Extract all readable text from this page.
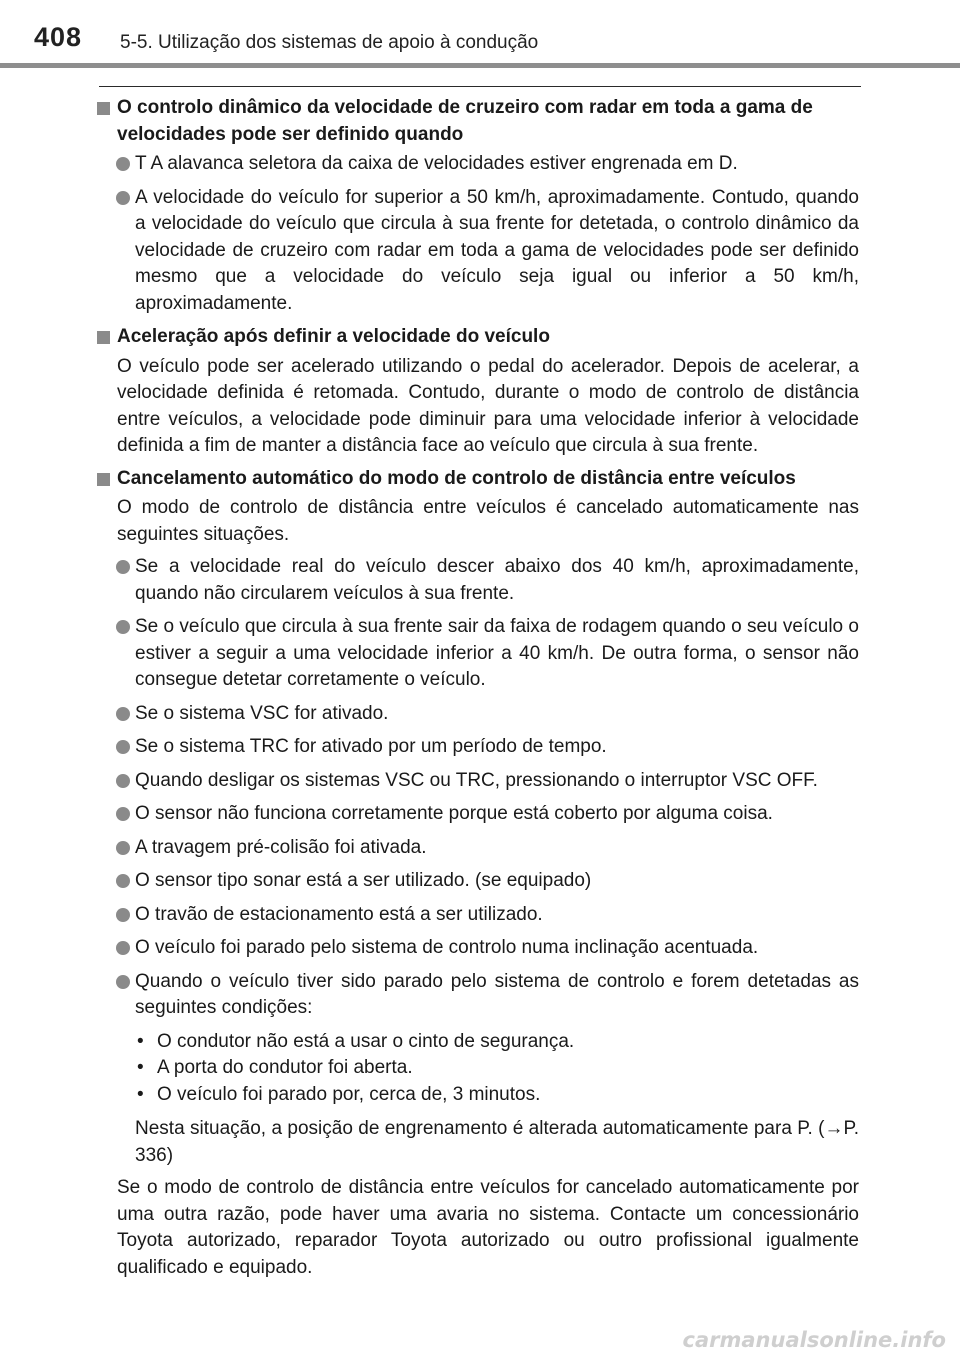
408 5-5. Utilização dos sistemas de apoio à condução
O controlo dinâmico da velocidade de cruzeiro com radar em toda a gama de velocidades pode ser definido quando
T A alavanca seletora da caixa de velocidades estiver engrenada em D.
A velocidade do veículo for superior a 50 km/h, aproximadamente. Contudo, quando a velocidade do veículo que circula à sua frente for detetada, o controlo dinâmico da velocidade de cruzeiro com radar em toda a gama de velocidades pode ser definido mesmo que a velocidade do veículo seja igual ou inferior a 50 km/h, aproximadamente.
Aceleração após definir a velocidade do veículo
O veículo pode ser acelerado utilizando o pedal do acelerador. Depois de acelerar, a velocidade definida é retomada. Contudo, durante o modo de controlo de distância entre veículos, a velocidade pode diminuir para uma velocidade inferior à velocidade definida a fim de manter a distância face ao veículo que circula à sua frente.
Cancelamento automático do modo de controlo de distância entre veículos
O modo de controlo de distância entre veículos é cancelado automaticamente nas seguintes situações.
Se a velocidade real do veículo descer abaixo dos 40 km/h, aproximadamente, quando não circularem veículos à sua frente.
Se o veículo que circula à sua frente sair da faixa de rodagem quando o seu veículo o estiver a seguir a uma velocidade inferior a 40 km/h. De outra forma, o sensor não consegue detetar corretamente o veículo.
Se o sistema VSC for ativado.
Se o sistema TRC for ativado por um período de tempo.
Quando desligar os sistemas VSC ou TRC, pressionando o interruptor VSC OFF.
O sensor não funciona corretamente porque está coberto por alguma coisa.
A travagem pré-colisão foi ativada.
O sensor tipo sonar está a ser utilizado. (se equipado)
O travão de estacionamento está a ser utilizado.
O veículo foi parado pelo sistema de controlo numa inclinação acentuada.
Quando o veículo tiver sido parado pelo sistema de controlo e forem detetadas as seguintes condições:
• O condutor não está a usar o cinto de segurança.
• A porta do condutor foi aberta.
• O veículo foi parado por, cerca de, 3 minutos.
Nesta situação, a posição de engrenamento é alterada automaticamente para P. (→P. 336)
Se o modo de controlo de distância entre veículos for cancelado automaticamente por uma outra razão, pode haver uma avaria no sistema. Contacte um concessionário Toyota autorizado, reparador Toyota autorizado ou outro profissional igualmente qualificado e equipado.
carmanualsonline.info
